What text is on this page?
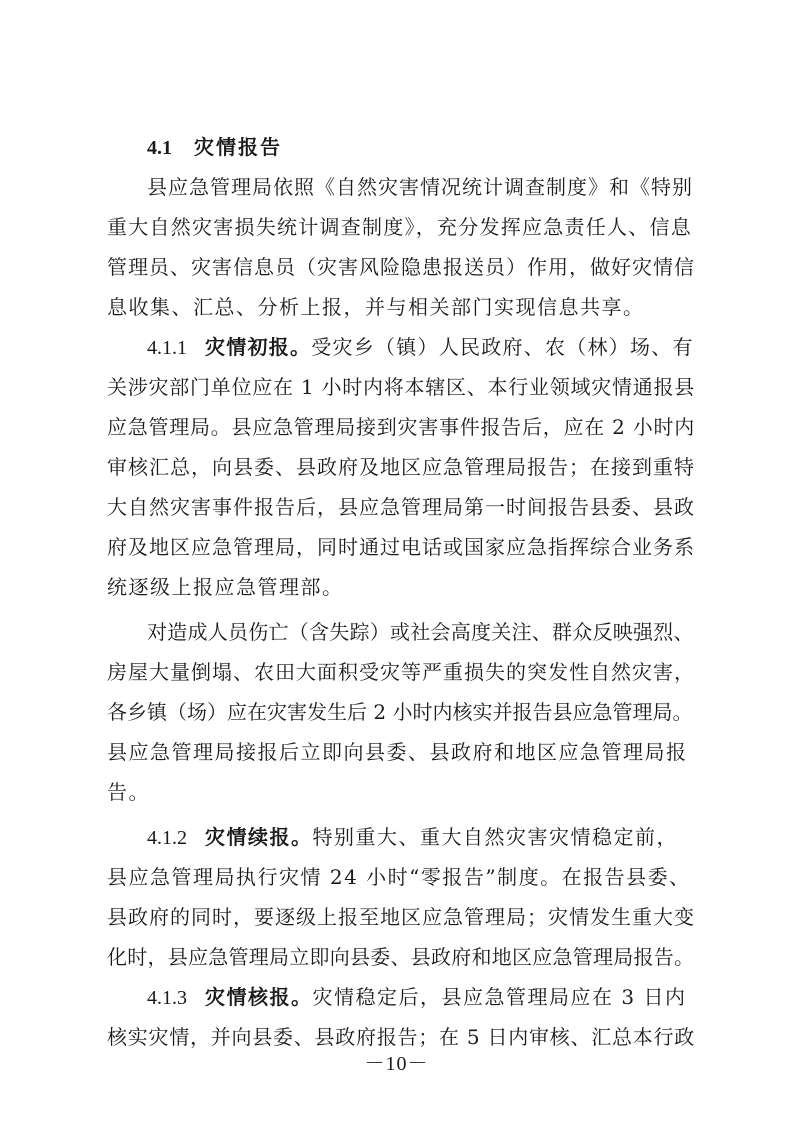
4.1 灾情报告
县应急管理局依照《自然灾害情况统计调查制度》和《特别
重大自然灾害损失统计调查制度》，充分发挥应急责任人、信息
管理员、灾害信息员（灾害风险隐患报送员）作用，做好灾情信
息收集、汇总、分析上报，并与相关部门实现信息共享。
4.1.1 灾情初报。受灾乡（镇）人民政府、农（林）场、有
关涉灾部门单位应在 1 小时内将本辖区、本行业领域灾情通报县
应急管理局。县应急管理局接到灾害事件报告后，应在 2 小时内
审核汇总，向县委、县政府及地区应急管理局报告；在接到重特
大自然灾害事件报告后，县应急管理局第一时间报告县委、县政
府及地区应急管理局，同时通过电话或国家应急指挥综合业务系
统逐级上报应急管理部。
对造成人员伤亡（含失踪）或社会高度关注、群众反映强烈、
房屋大量倒塌、农田大面积受灾等严重损失的突发性自然灾害，
各乡镇（场）应在灾害发生后 2 小时内核实并报告县应急管理局。
县应急管理局接报后立即向县委、县政府和地区应急管理局报
告。
4.1.2 灾情续报。特别重大、重大自然灾害灾情稳定前，
县应急管理局执行灾情 24 小时“零报告”制度。在报告县委、
县政府的同时，要逐级上报至地区应急管理局；灾情发生重大变
化时，县应急管理局立即向县委、县政府和地区应急管理局报告。
4.1.3 灾情核报。灾情稳定后，县应急管理局应在 3 日内
核实灾情，并向县委、县政府报告；在 5 日内审核、汇总本行政
－10－
